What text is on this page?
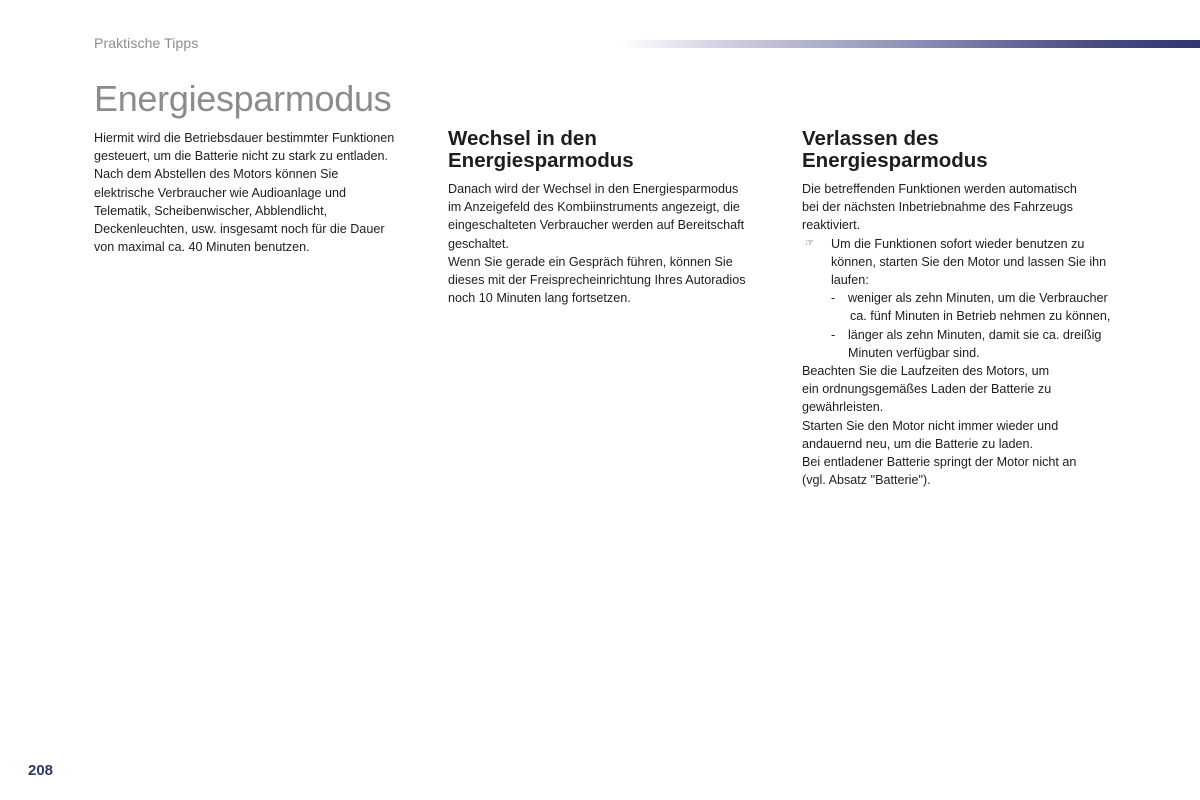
Praktische Tipps
Energiesparmodus

Hiermit wird die Betriebsdauer bestimmter Funktionen

gesteuert, um die Batterie nicht zu stark zu entladen.

Nach dem Abstellen des Motors können Sie

elektrische Verbraucher wie Audioanlage und

Telematik, Scheibenwischer, Abblendlicht,

Deckenleuchten, usw. insgesamt noch für die Dauer

von maximal ca. 40 Minuten benutzen.

Wechsel in den
Energiesparmodus

Danach wird der Wechsel in den Energiesparmodus

im Anzeigefeld des Kombiinstruments angezeigt, die

eingeschalteten Verbraucher werden auf Bereitschaft

geschaltet.

Wenn Sie gerade ein Gespräch führen, können Sie

dieses mit der Freisprecheinrichtung Ihres Autoradios

noch 10 Minuten lang fortsetzen.

Verlassen des
Energiesparmodus

Die betreffenden Funktionen werden automatisch

bei der nächsten Inbetriebnahme des Fahrzeugs

reaktiviert.

☞ Um die Funktionen sofort wieder benutzen zu

können, starten Sie den Motor und lassen Sie ihn

laufen:

- weniger als zehn Minuten, um die Verbraucher

ca. fünf Minuten in Betrieb nehmen zu können,

- länger als zehn Minuten, damit sie ca. dreißig

Minuten verfügbar sind.

Beachten Sie die Laufzeiten des Motors, um

ein ordnungsgemäßes Laden der Batterie zu

gewährleisten.

Starten Sie den Motor nicht immer wieder und

andauernd neu, um die Batterie zu laden.

Bei entladener Batterie springt der Motor nicht an

(vgl. Absatz "Batterie").

208
